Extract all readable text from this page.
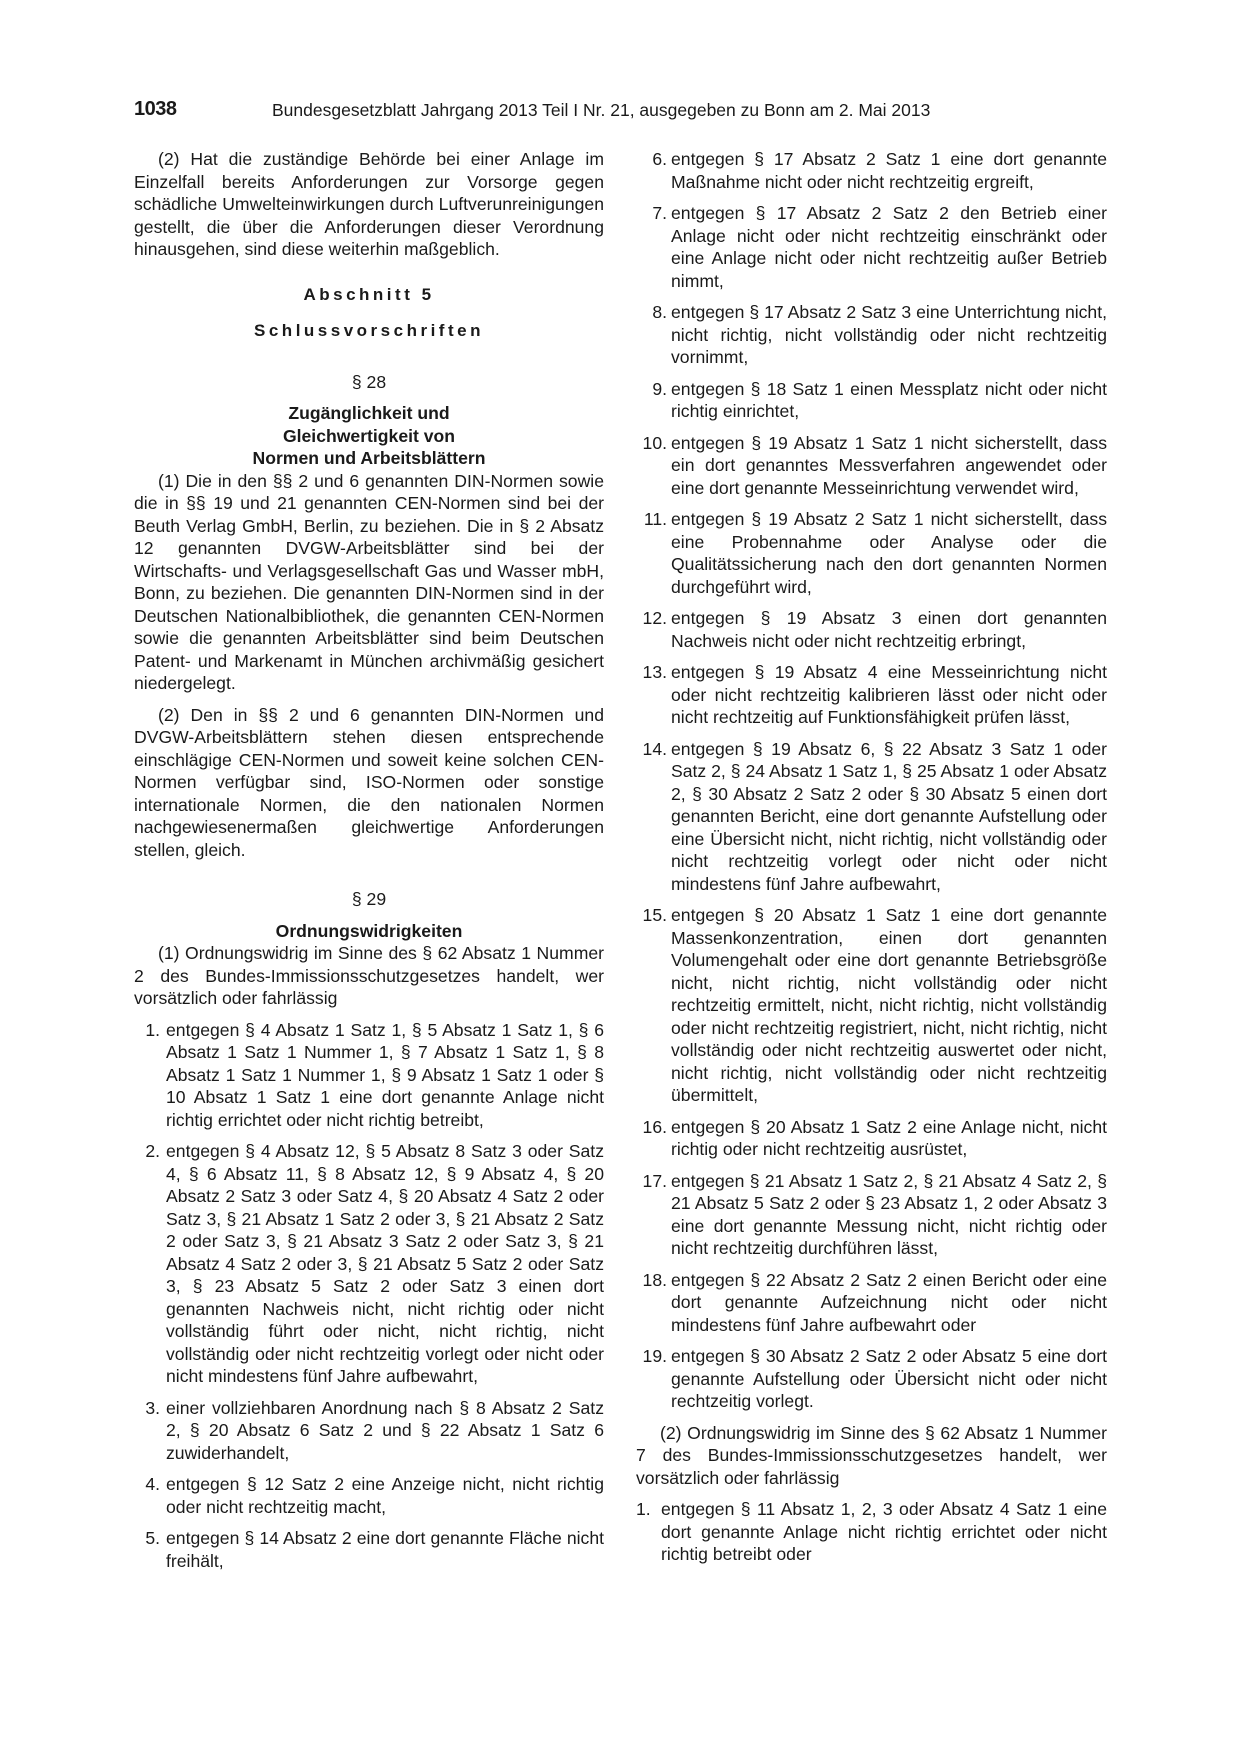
1038	Bundesgesetzblatt Jahrgang 2013 Teil I Nr. 21, ausgegeben zu Bonn am 2. Mai 2013

(2) Hat die zuständige Behörde bei einer Anlage im Einzelfall bereits Anforderungen zur Vorsorge gegen schädliche Umwelteinwirkungen durch Luftverunreinigungen gestellt, die über die Anforderungen dieser Verordnung hinausgehen, sind diese weiterhin maßgeblich.

Abschnitt 5

Schlussvorschriften

§ 28

Zugänglichkeit und

Gleichwertigkeit von

Normen und Arbeitsblättern

(1) Die in den §§ 2 und 6 genannten DIN-Normen sowie die in §§ 19 und 21 genannten CEN-Normen sind bei der Beuth Verlag GmbH, Berlin, zu beziehen. Die in § 2 Absatz 12 genannten DVGW-Arbeitsblätter sind bei der Wirtschafts- und Verlagsgesellschaft Gas und Wasser mbH, Bonn, zu beziehen. Die genannten DIN-Normen sind in der Deutschen Nationalbibliothek, die genannten CEN-Normen sowie die genannten Arbeitsblätter sind beim Deutschen Patent- und Markenamt in München archivmäßig gesichert niedergelegt.

(2) Den in §§ 2 und 6 genannten DIN-Normen und DVGW-Arbeitsblättern stehen diesen entsprechende einschlägige CEN-Normen und soweit keine solchen CEN-Normen verfügbar sind, ISO-Normen oder sonstige internationale Normen, die den nationalen Normen nachgewiesenermaßen gleichwertige Anforderungen stellen, gleich.

§ 29

Ordnungswidrigkeiten

(1) Ordnungswidrig im Sinne des § 62 Absatz 1 Nummer 2 des Bundes-Immissionsschutzgesetzes handelt, wer vorsätzlich oder fahrlässig

1. entgegen § 4 Absatz 1 Satz 1, § 5 Absatz 1 Satz 1, § 6 Absatz 1 Satz 1 Nummer 1, § 7 Absatz 1 Satz 1, § 8 Absatz 1 Satz 1 Nummer 1, § 9 Absatz 1 Satz 1 oder § 10 Absatz 1 Satz 1 eine dort genannte Anlage nicht richtig errichtet oder nicht richtig betreibt,
2. entgegen § 4 Absatz 12, § 5 Absatz 8 Satz 3 oder Satz 4, § 6 Absatz 11, § 8 Absatz 12, § 9 Absatz 4, § 20 Absatz 2 Satz 3 oder Satz 4, § 20 Absatz 4 Satz 2 oder Satz 3, § 21 Absatz 1 Satz 2 oder 3, § 21 Absatz 2 Satz 2 oder Satz 3, § 21 Absatz 3 Satz 2 oder Satz 3, § 21 Absatz 4 Satz 2 oder 3, § 21 Absatz 5 Satz 2 oder Satz 3, § 23 Absatz 5 Satz 2 oder Satz 3 einen dort genannten Nachweis nicht, nicht richtig oder nicht vollständig führt oder nicht, nicht richtig, nicht vollständig oder nicht rechtzeitig vorlegt oder nicht oder nicht mindestens fünf Jahre aufbewahrt,
3. einer vollziehbaren Anordnung nach § 8 Absatz 2 Satz 2, § 20 Absatz 6 Satz 2 und § 22 Absatz 1 Satz 6 zuwiderhandelt,
4. entgegen § 12 Satz 2 eine Anzeige nicht, nicht richtig oder nicht rechtzeitig macht,
5. entgegen § 14 Absatz 2 eine dort genannte Fläche nicht freihält,
6. entgegen § 17 Absatz 2 Satz 1 eine dort genannte Maßnahme nicht oder nicht rechtzeitig ergreift,
7. entgegen § 17 Absatz 2 Satz 2 den Betrieb einer Anlage nicht oder nicht rechtzeitig einschränkt oder eine Anlage nicht oder nicht rechtzeitig außer Betrieb nimmt,
8. entgegen § 17 Absatz 2 Satz 3 eine Unterrichtung nicht, nicht richtig, nicht vollständig oder nicht rechtzeitig vornimmt,
9. entgegen § 18 Satz 1 einen Messplatz nicht oder nicht richtig einrichtet,
10. entgegen § 19 Absatz 1 Satz 1 nicht sicherstellt, dass ein dort genanntes Messverfahren angewendet oder eine dort genannte Messeinrichtung verwendet wird,
11. entgegen § 19 Absatz 2 Satz 1 nicht sicherstellt, dass eine Probennahme oder Analyse oder die Qualitätssicherung nach den dort genannten Normen durchgeführt wird,
12. entgegen § 19 Absatz 3 einen dort genannten Nachweis nicht oder nicht rechtzeitig erbringt,
13. entgegen § 19 Absatz 4 eine Messeinrichtung nicht oder nicht rechtzeitig kalibrieren lässt oder nicht oder nicht rechtzeitig auf Funktionsfähigkeit prüfen lässt,
14. entgegen § 19 Absatz 6, § 22 Absatz 3 Satz 1 oder Satz 2, § 24 Absatz 1 Satz 1, § 25 Absatz 1 oder Absatz 2, § 30 Absatz 2 Satz 2 oder § 30 Absatz 5 einen dort genannten Bericht, eine dort genannte Aufstellung oder eine Übersicht nicht, nicht richtig, nicht vollständig oder nicht rechtzeitig vorlegt oder nicht oder nicht mindestens fünf Jahre aufbewahrt,
15. entgegen § 20 Absatz 1 Satz 1 eine dort genannte Massenkonzentration, einen dort genannten Volumengehalt oder eine dort genannte Betriebsgröße nicht, nicht richtig, nicht vollständig oder nicht rechtzeitig ermittelt, nicht, nicht richtig, nicht vollständig oder nicht rechtzeitig registriert, nicht, nicht richtig, nicht vollständig oder nicht rechtzeitig auswertet oder nicht, nicht richtig, nicht vollständig oder nicht rechtzeitig übermittelt,
16. entgegen § 20 Absatz 1 Satz 2 eine Anlage nicht, nicht richtig oder nicht rechtzeitig ausrüstet,
17. entgegen § 21 Absatz 1 Satz 2, § 21 Absatz 4 Satz 2, § 21 Absatz 5 Satz 2 oder § 23 Absatz 1, 2 oder Absatz 3 eine dort genannte Messung nicht, nicht richtig oder nicht rechtzeitig durchführen lässt,
18. entgegen § 22 Absatz 2 Satz 2 einen Bericht oder eine dort genannte Aufzeichnung nicht oder nicht mindestens fünf Jahre aufbewahrt oder
19. entgegen § 30 Absatz 2 Satz 2 oder Absatz 5 eine dort genannte Aufstellung oder Übersicht nicht oder nicht rechtzeitig vorlegt.

(2) Ordnungswidrig im Sinne des § 62 Absatz 1 Nummer 7 des Bundes-Immissionsschutzgesetzes handelt, wer vorsätzlich oder fahrlässig

1. entgegen § 11 Absatz 1, 2, 3 oder Absatz 4 Satz 1 eine dort genannte Anlage nicht richtig errichtet oder nicht richtig betreibt oder
